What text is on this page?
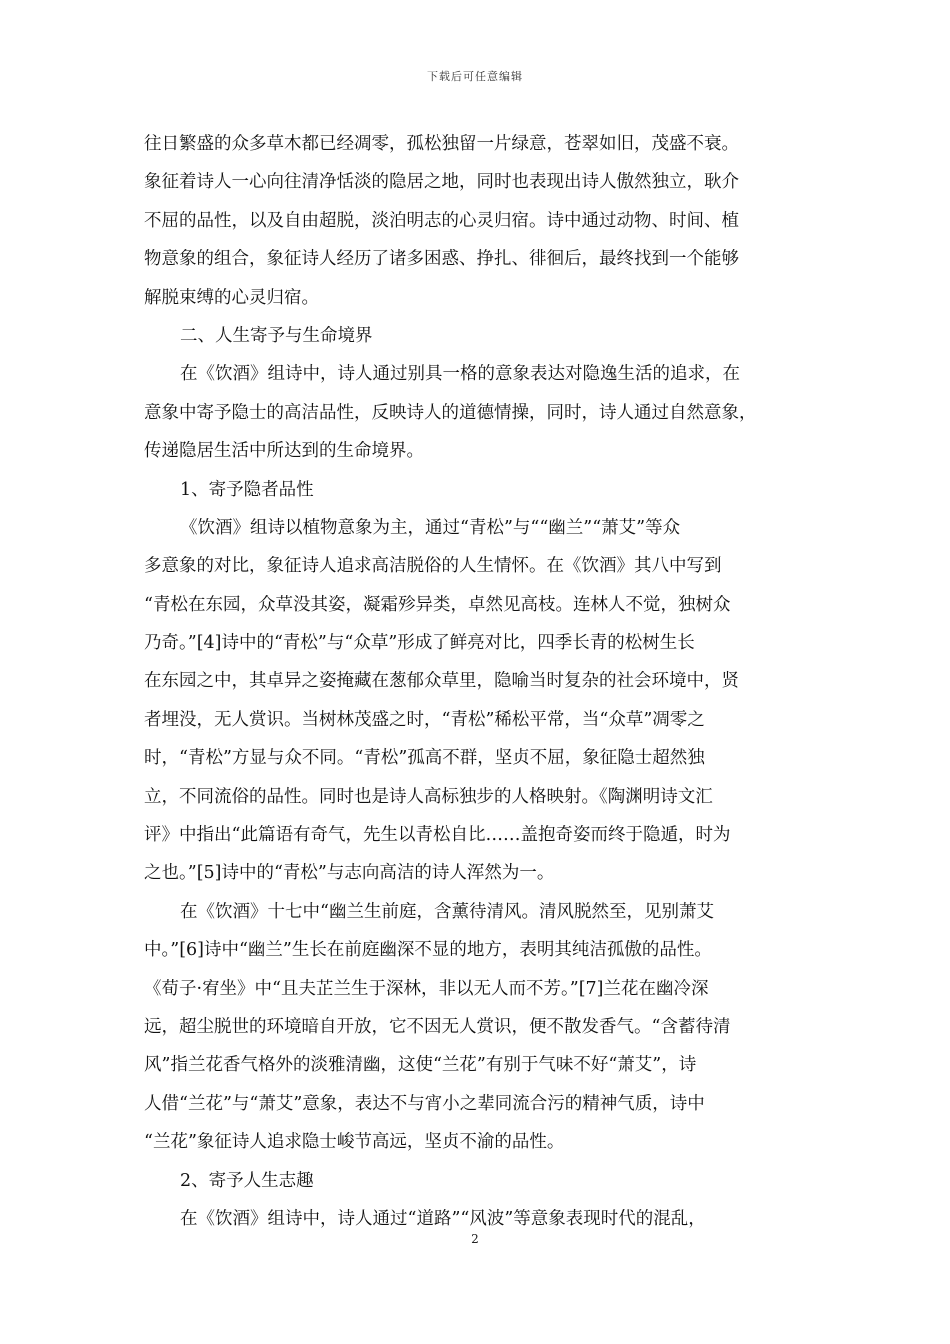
下载后可任意编辑
往日繁盛的众多草木都已经凋零，孤松独留一片绿意，苍翠如旧，茂盛不衰。
象征着诗人一心向往清净恬淡的隐居之地，同时也表现出诗人傲然独立，耿介
不屈的品性，以及自由超脱，淡泊明志的心灵归宿。诗中通过动物、时间、植
物意象的组合，象征诗人经历了诸多困惑、挣扎、徘徊后，最终找到一个能够
解脱束缚的心灵归宿。
二、人生寄予与生命境界
在《饮酒》组诗中，诗人通过别具一格的意象表达对隐逸生活的追求，在
意象中寄予隐士的高洁品性，反映诗人的道德情操，同时，诗人通过自然意象，
传递隐居生活中所达到的生命境界。
1、寄予隐者品性
《饮酒》组诗以植物意象为主，通过“青松”与““幽兰”“萧艾”等众
多意象的对比，象征诗人追求高洁脱俗的人生情怀。在《饮酒》其八中写到
“青松在东园，众草没其姿，凝霜殄异类，卓然见高枝。连林人不觉，独树众
乃奇。”[4]诗中的“青松”与“众草”形成了鲜亮对比，四季长青的松树生长
在东园之中，其卓异之姿掩藏在葱郁众草里，隐喻当时复杂的社会环境中，贤
者埋没，无人赏识。当树林茂盛之时，“青松”稀松平常，当“众草”凋零之
时，“青松”方显与众不同。“青松”孤高不群，坚贞不屈，象征隐士超然独
立，不同流俗的品性。同时也是诗人高标独步的人格映射。《陶渊明诗文汇
评》中指出“此篇语有奇气，先生以青松自比……盖抱奇姿而终于隐遁，时为
之也。”[5]诗中的“青松”与志向高洁的诗人浑然为一。
在《饮酒》十七中“幽兰生前庭，含薰待清风。清风脱然至，见别萧艾
中。”[6]诗中“幽兰”生长在前庭幽深不显的地方，表明其纯洁孤傲的品性。
《荀子·宥坐》中“且夫芷兰生于深林，非以无人而不芳。”[7]兰花在幽冷深
远，超尘脱世的环境暗自开放，它不因无人赏识，便不散发香气。“含蓄待清
风”指兰花香气格外的淡雅清幽，这使“兰花”有别于气味不好“萧艾”，诗
人借“兰花”与“萧艾”意象，表达不与宵小之辈同流合污的精神气质，诗中
“兰花”象征诗人追求隐士峻节高远，坚贞不渝的品性。
2、寄予人生志趣
在《饮酒》组诗中，诗人通过“道路”“风波”等意象表现时代的混乱，
2
